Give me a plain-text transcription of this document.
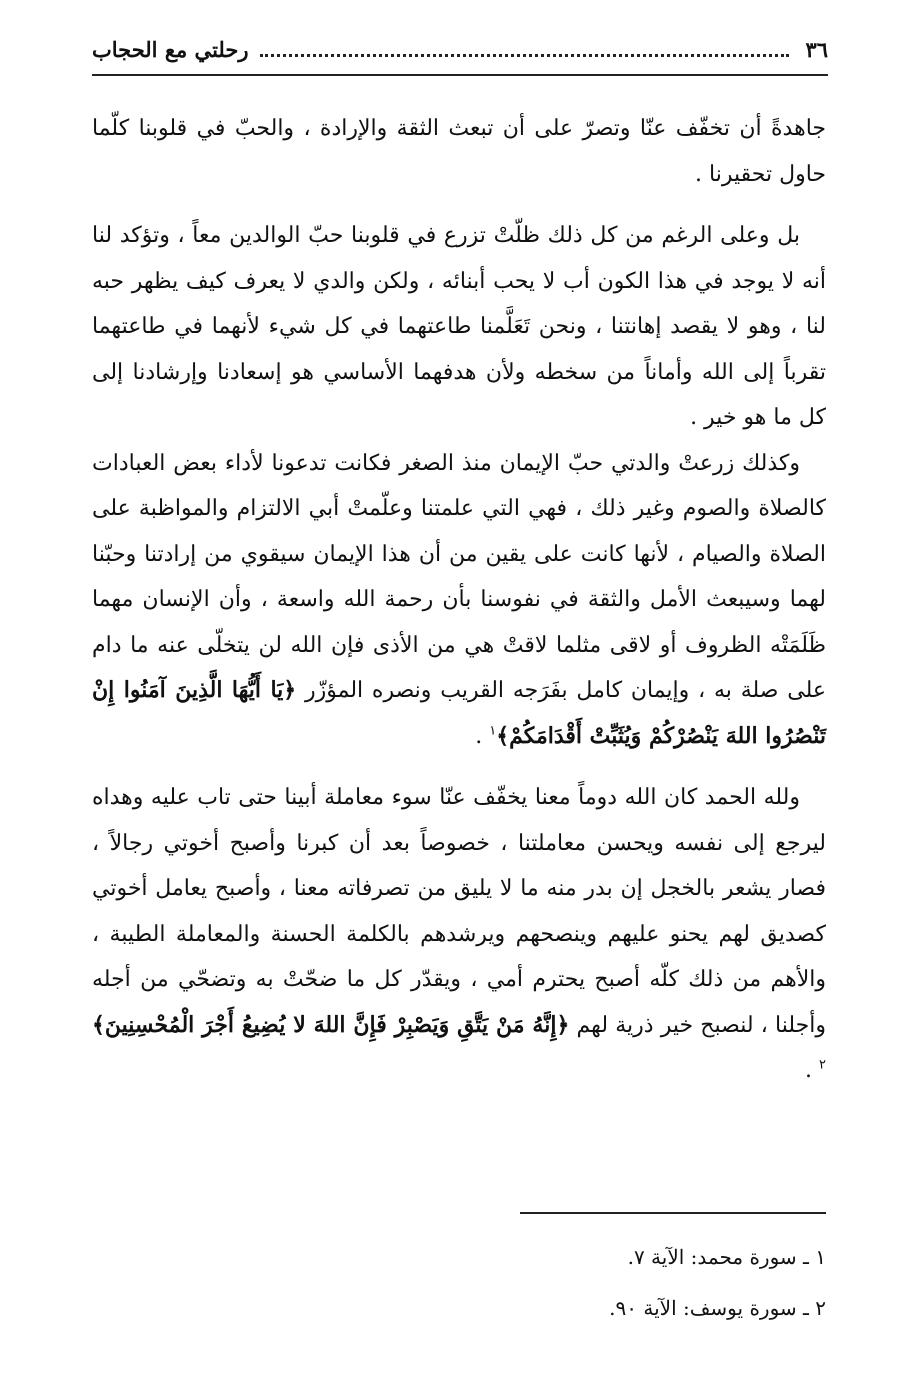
٣٦
رحلتي مع الحجاب

جاهدةً أن تخفّف عنّا وتصرّ على أن تبعث الثقة والإرادة ، والحبّ في قلوبنا كلّما حاول تحقيرنا .

بل وعلى الرغم من كل ذلك ظلّتْ تزرع في قلوبنا حبّ الوالدين معاً ، وتؤكد لنا أنه لا يوجد في هذا الكون أب لا يحب أبنائه ، ولكن والدي لا يعرف كيف يظهر حبه لنا ، وهو لا يقصد إهانتنا ، ونحن تَعَلَّمنا طاعتهما في كل شيء لأنهما في طاعتهما تقرباً إلى الله وأماناً من سخطه ولأن هدفهما الأساسي هو إسعادنا وإرشادنا إلى كل ما هو خير .

وكذلك زرعتْ والدتي حبّ الإيمان منذ الصغر فكانت تدعونا لأداء بعض العبادات كالصلاة والصوم وغير ذلك ، فهي التي علمتنا وعلّمتْ أبي الالتزام والمواظبة على الصلاة والصيام ، لأنها كانت على يقين من أن هذا الإيمان سيقوي من إرادتنا وحبّنا لهما وسيبعث الأمل والثقة في نفوسنا بأن رحمة الله واسعة ، وأن الإنسان مهما ظَلَمَتْه الظروف أو لاقى مثلما لاقتْ هي من الأذى فإن الله لن يتخلّى عنه ما دام على صلة به ، وإيمان كامل بفَرَجه القريب ونصره المؤزّر ﴿يَا أَيُّهَا الَّذِينَ آمَنُوا إِنْ تَنْصُرُوا اللهَ يَنْصُرْكُمْ وَيُثَبِّتْ أَقْدَامَكُمْ﴾$^١$ .

ولله الحمد كان الله دوماً معنا يخفّف عنّا سوء معاملة أبينا حتى تاب عليه وهداه ليرجع إلى نفسه ويحسن معاملتنا ، خصوصاً بعد أن كبرنا وأصبح أخوتي رجالاً ، فصار يشعر بالخجل إن بدر منه ما لا يليق من تصرفاته معنا ، وأصبح يعامل أخوتي كصديق لهم يحنو عليهم وينصحهم ويرشدهم بالكلمة الحسنة والمعاملة الطيبة ، والأهم من ذلك كلّه أصبح يحترم أمي ، ويقدّر كل ما ضحّتْ به وتضحّي من أجله وأجلنا ، لنصبح خير ذرية لهم ﴿إِنَّهُ مَنْ يَتَّقِ وَيَصْبِرْ فَإِنَّ اللهَ لا يُضِيعُ أَجْرَ الْمُحْسِنِينَ﴾$^٢$ .

١ ـ سورة محمد: الآية ٧.
٢ ـ سورة يوسف: الآية ٩٠.
